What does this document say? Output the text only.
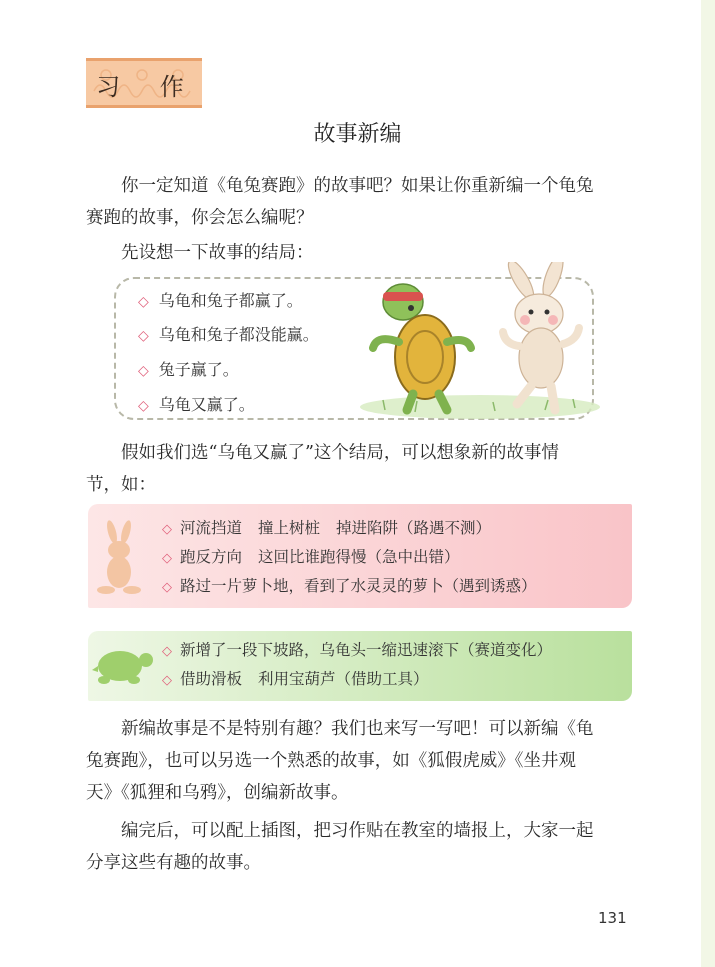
习 作
故事新编
你一定知道《龟兔赛跑》的故事吧？如果让你重新编一个龟兔
赛跑的故事，你会怎么编呢？
先设想一下故事的结局：
◇ 乌龟和兔子都赢了。
◇ 乌龟和兔子都没能赢。
◇ 兔子赢了。
◇ 乌龟又赢了。
假如我们选“乌龟又赢了”这个结局，可以想象新的故事情
节，如：
◇ 河流挡道 撞上树桩 掉进陷阱（路遇不测）
◇ 跑反方向 这回比谁跑得慢（急中出错）
◇ 路过一片萝卜地，看到了水灵灵的萝卜（遇到诱惑）
◇ 新增了一段下坡路，乌龟头一缩迅速滚下（赛道变化）
◇ 借助滑板 利用宝葫芦（借助工具）
新编故事是不是特别有趣？我们也来写一写吧！可以新编《龟
兔赛跑》，也可以另选一个熟悉的故事，如《狐假虎威》《坐井观
天》《狐狸和乌鸦》，创编新故事。
编完后，可以配上插图，把习作贴在教室的墙报上，大家一起
分享这些有趣的故事。
131
